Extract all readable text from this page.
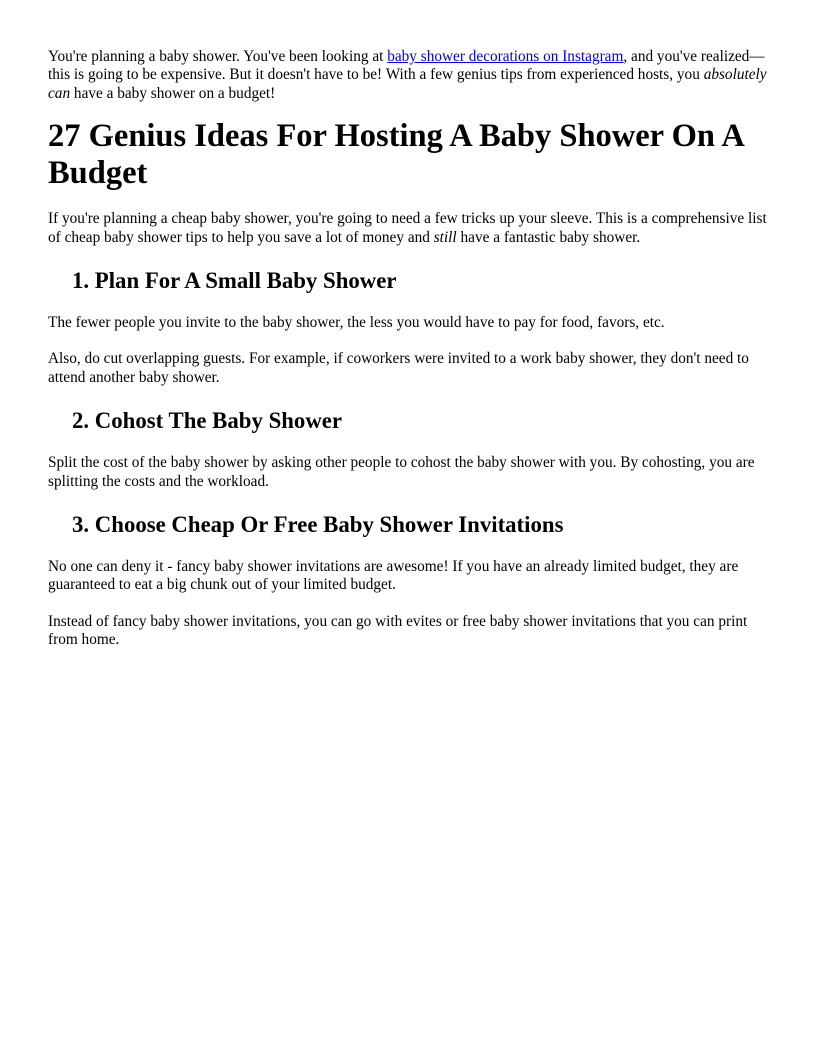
You're planning a baby shower. You've been looking at baby shower decorations on Instagram, and you've realized—this is going to be expensive. But it doesn't have to be! With a few genius tips from experienced hosts, you absolutely can have a baby shower on a budget!

27 Genius Ideas For Hosting A Baby Shower On A Budget

If you're planning a cheap baby shower, you're going to need a few tricks up your sleeve. This is a comprehensive list of cheap baby shower tips to help you save a lot of money and still have a fantastic baby shower.

1. Plan For A Small Baby Shower

The fewer people you invite to the baby shower, the less you would have to pay for food, favors, etc.

Also, do cut overlapping guests. For example, if coworkers were invited to a work baby shower, they don't need to attend another baby shower.

2. Cohost The Baby Shower

Split the cost of the baby shower by asking other people to cohost the baby shower with you. By cohosting, you are splitting the costs and the workload.

3. Choose Cheap Or Free Baby Shower Invitations

No one can deny it - fancy baby shower invitations are awesome! If you have an already limited budget, they are guaranteed to eat a big chunk out of your limited budget.

Instead of fancy baby shower invitations, you can go with evites or free baby shower invitations that you can print from home.
